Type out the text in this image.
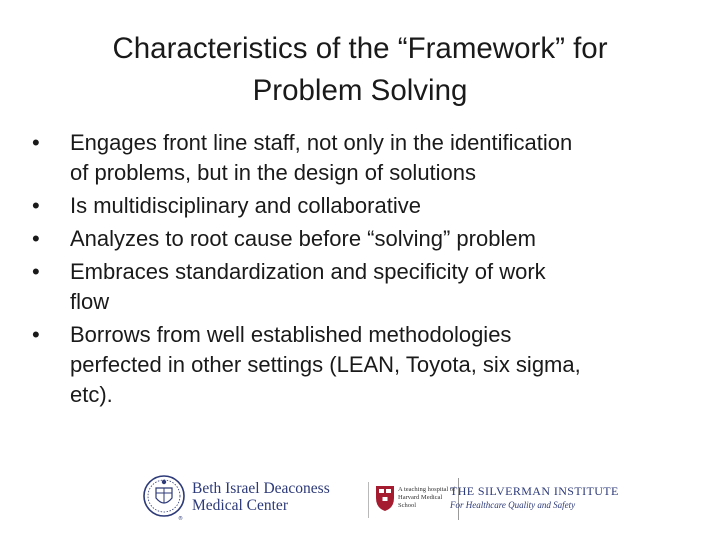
Characteristics of the “Framework” for
Problem Solving
• Engages front line staff, not only in the identification
of problems, but in the design of solutions
• Is multidisciplinary and collaborative
• Analyzes to root cause before “solving” problem
• Embraces standardization and specificity of work
flow
• Borrows from well established methodologies
perfected in other settings (LEAN, Toyota, six sigma,
etc).
®
Beth Israel Deaconess
Medical Center
A teaching hospital of
Harvard Medical School
THE SILVERMAN INSTITUTE
For Healthcare Quality and Safety
